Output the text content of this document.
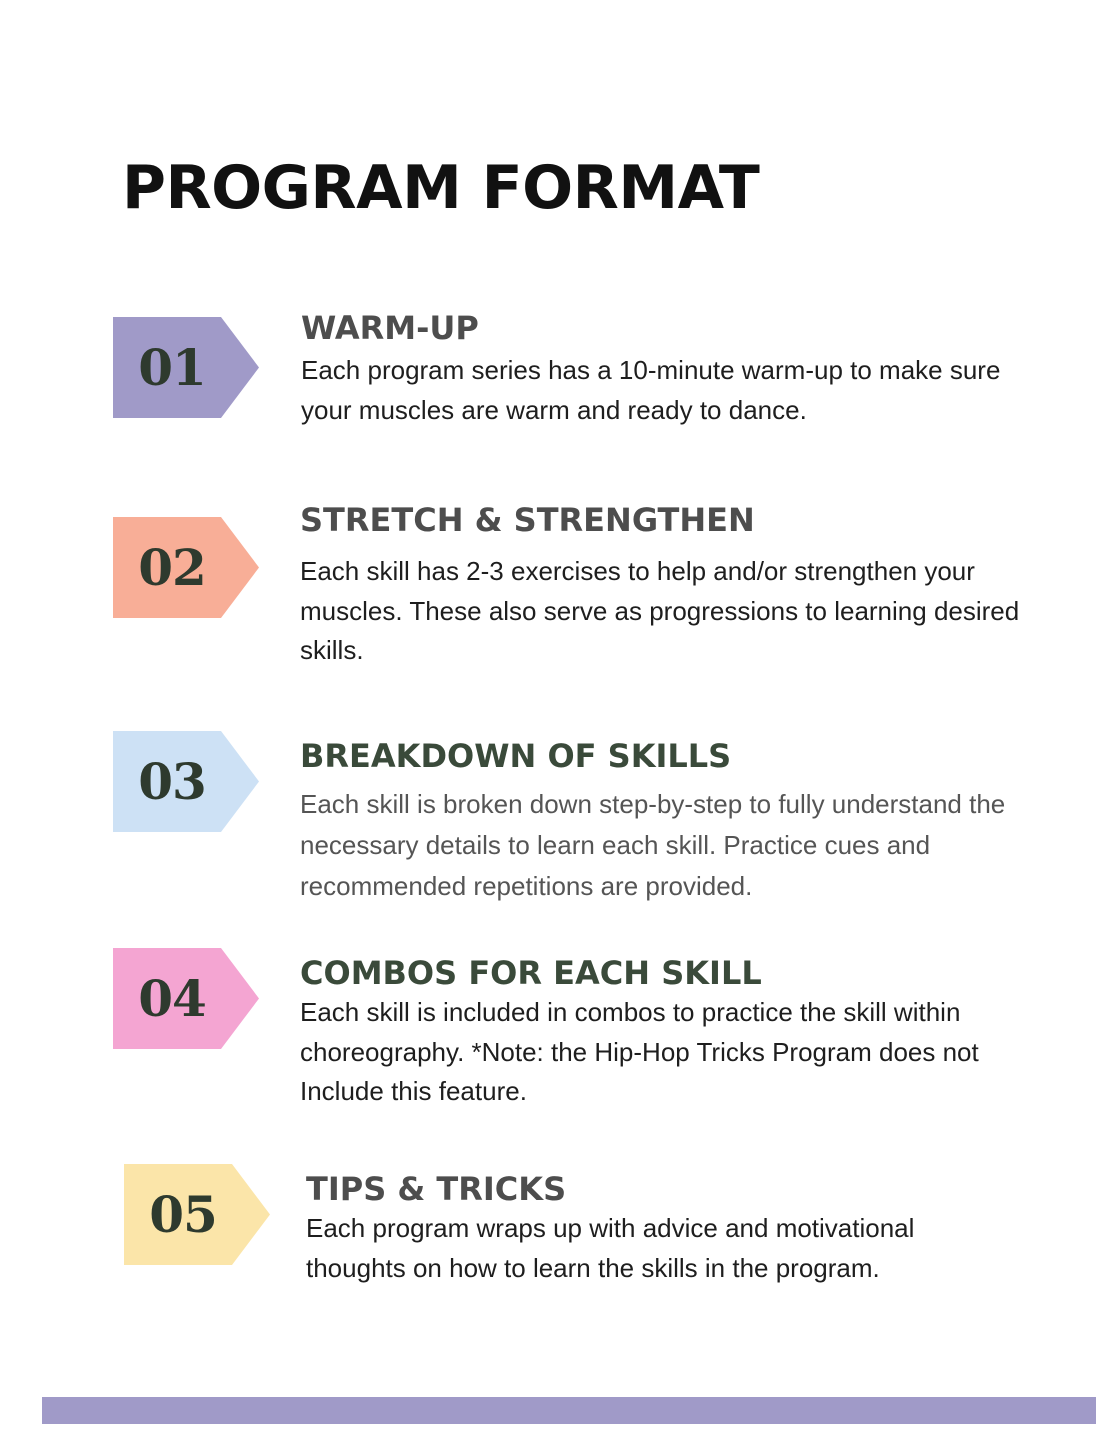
PROGRAM FORMAT
01
WARM-UP

Each program series has a 10-minute warm-up to make sure your muscles are warm and ready to dance.

02
STRETCH & STRENGTHEN

Each skill has 2-3 exercises to help and/or strengthen your muscles. These also serve as progressions to learning desired skills.

03	BREAKDOWN OF SKILLS

Each skill is broken down step-by-step to fully understand the necessary details to learn each skill. Practice cues and recommended repetitions are provided.

04	COMBOS FOR EACH SKILL

Each skill is included in combos to practice the skill within choreography. *Note: the Hip-Hop Tricks Program does not Include this feature.

05	TIPS & TRICKS

Each program wraps up with advice and motivational thoughts on how to learn the skills in the program.
